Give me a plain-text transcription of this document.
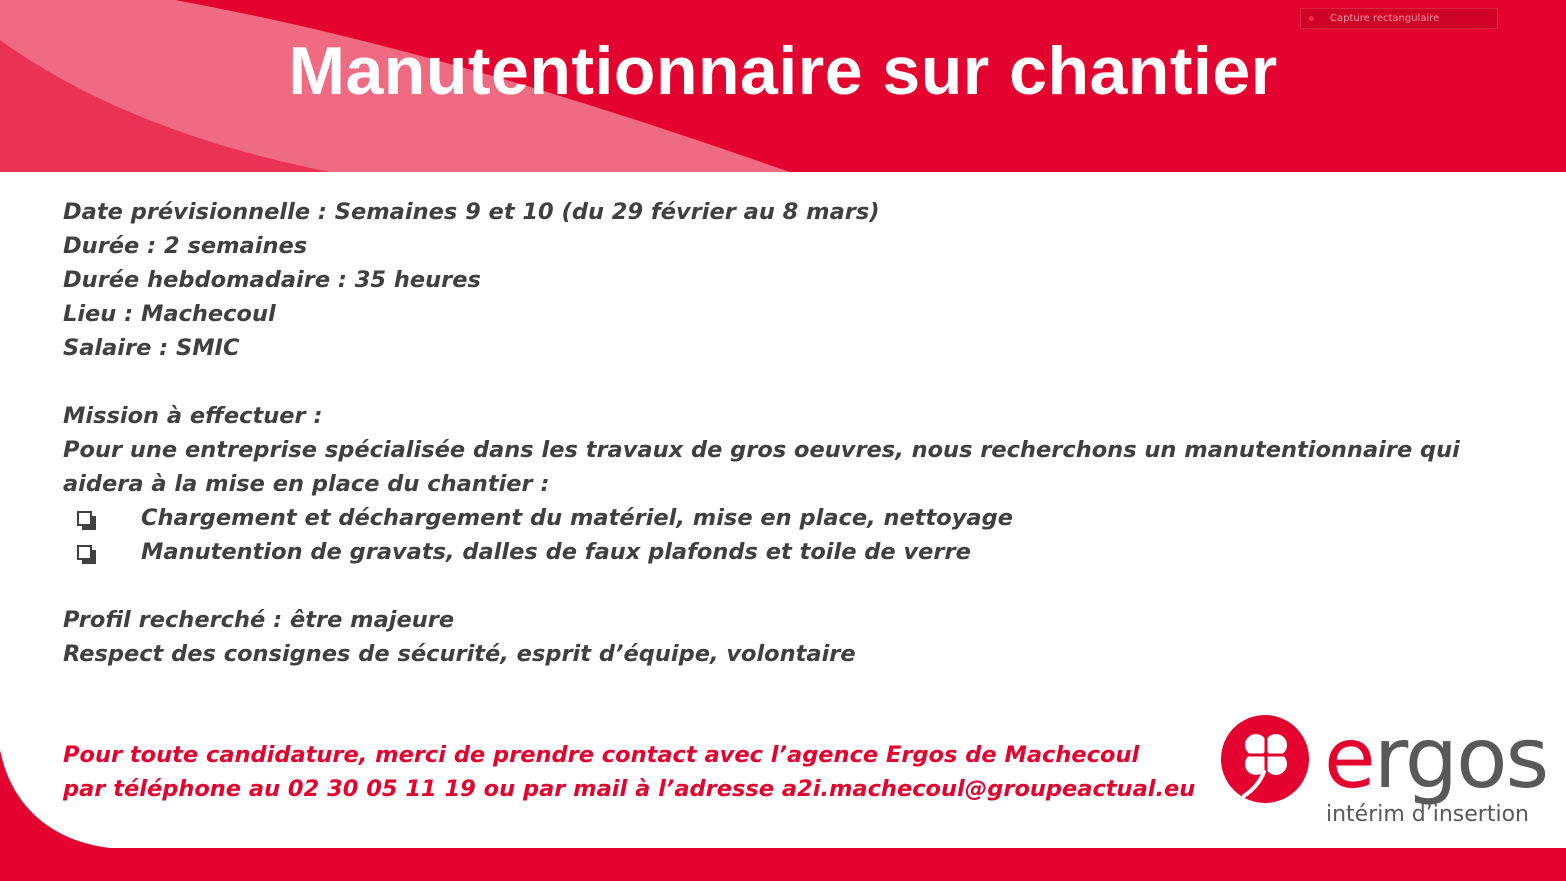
Manutentionnaire sur chantier
Capture rectangulaire
Date prévisionnelle : Semaines 9 et 10 (du 29 février au 8 mars)
Durée : 2 semaines
Durée hebdomadaire : 35 heures
Lieu : Machecoul
Salaire : SMIC
Mission à effectuer :
Pour une entreprise spécialisée dans les travaux de gros oeuvres, nous recherchons un manutentionnaire qui aidera à la mise en place du chantier :
Chargement et déchargement du matériel, mise en place, nettoyage
Manutention de gravats, dalles de faux plafonds et toile de verre
Profil recherché : être majeure
Respect des consignes de sécurité, esprit d’équipe, volontaire
Pour toute candidature, merci de prendre contact avec l’agence Ergos de Machecoul
par téléphone au 02 30 05 11 19 ou par mail à l’adresse a2i.machecoul@groupeactual.eu ergos
intérim d’insertion
